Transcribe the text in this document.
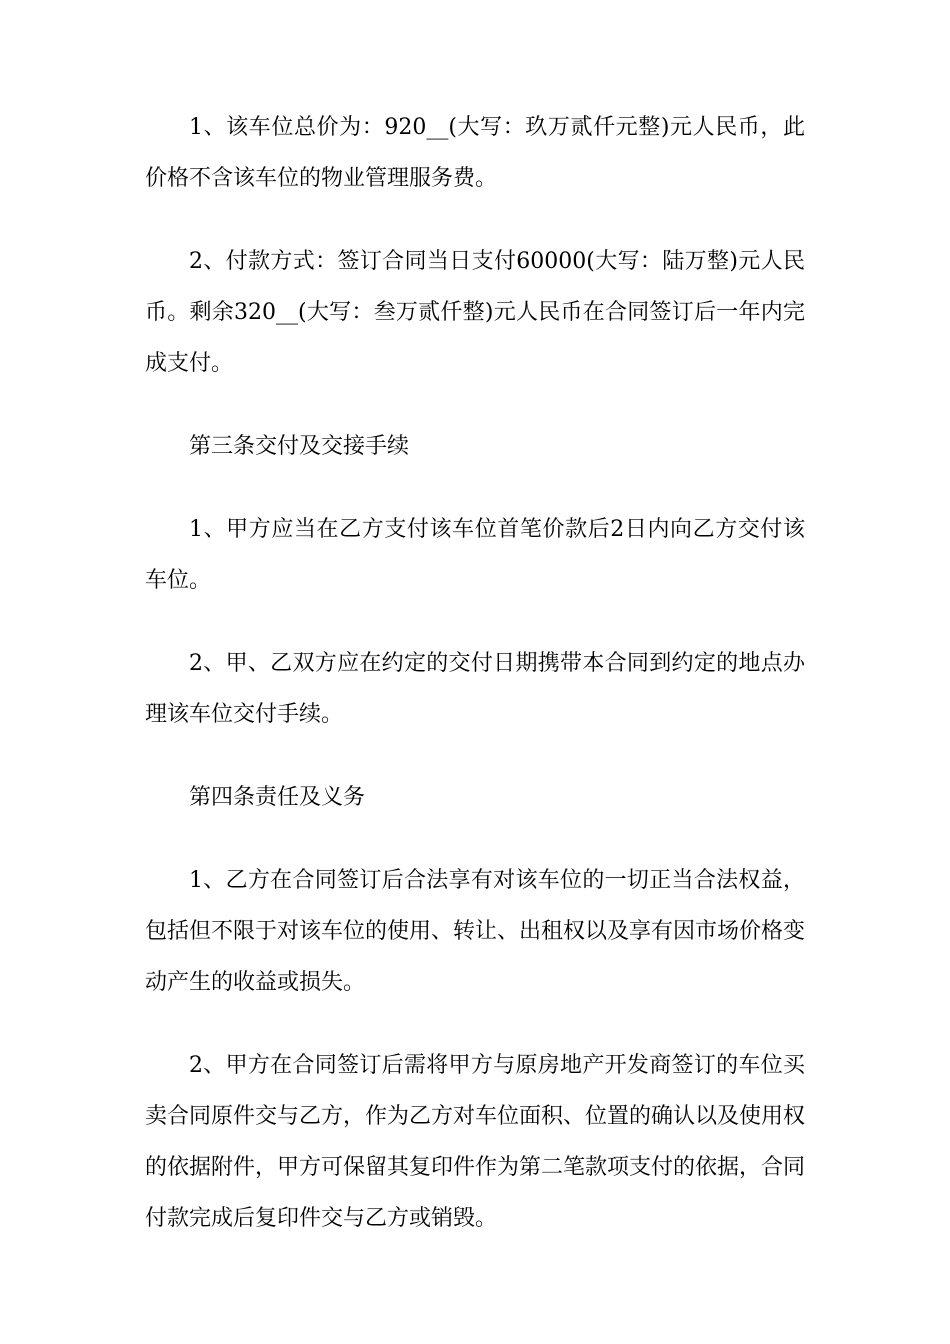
1、该车位总价为：920__(大写：玖万贰仟元整)元人民币，此价格不含该车位的物业管理服务费。

2、付款方式：签订合同当日支付60000(大写：陆万整)元人民币。剩余320__(大写：叁万贰仟整)元人民币在合同签订后一年内完成支付。

第三条交付及交接手续

1、甲方应当在乙方支付该车位首笔价款后2日内向乙方交付该车位。

2、甲、乙双方应在约定的交付日期携带本合同到约定的地点办理该车位交付手续。

第四条责任及义务

1、乙方在合同签订后合法享有对该车位的一切正当合法权益，包括但不限于对该车位的使用、转让、出租权以及享有因市场价格变动产生的收益或损失。

2、甲方在合同签订后需将甲方与原房地产开发商签订的车位买卖合同原件交与乙方，作为乙方对车位面积、位置的确认以及使用权的依据附件，甲方可保留其复印件作为第二笔款项支付的依据，合同付款完成后复印件交与乙方或销毁。
